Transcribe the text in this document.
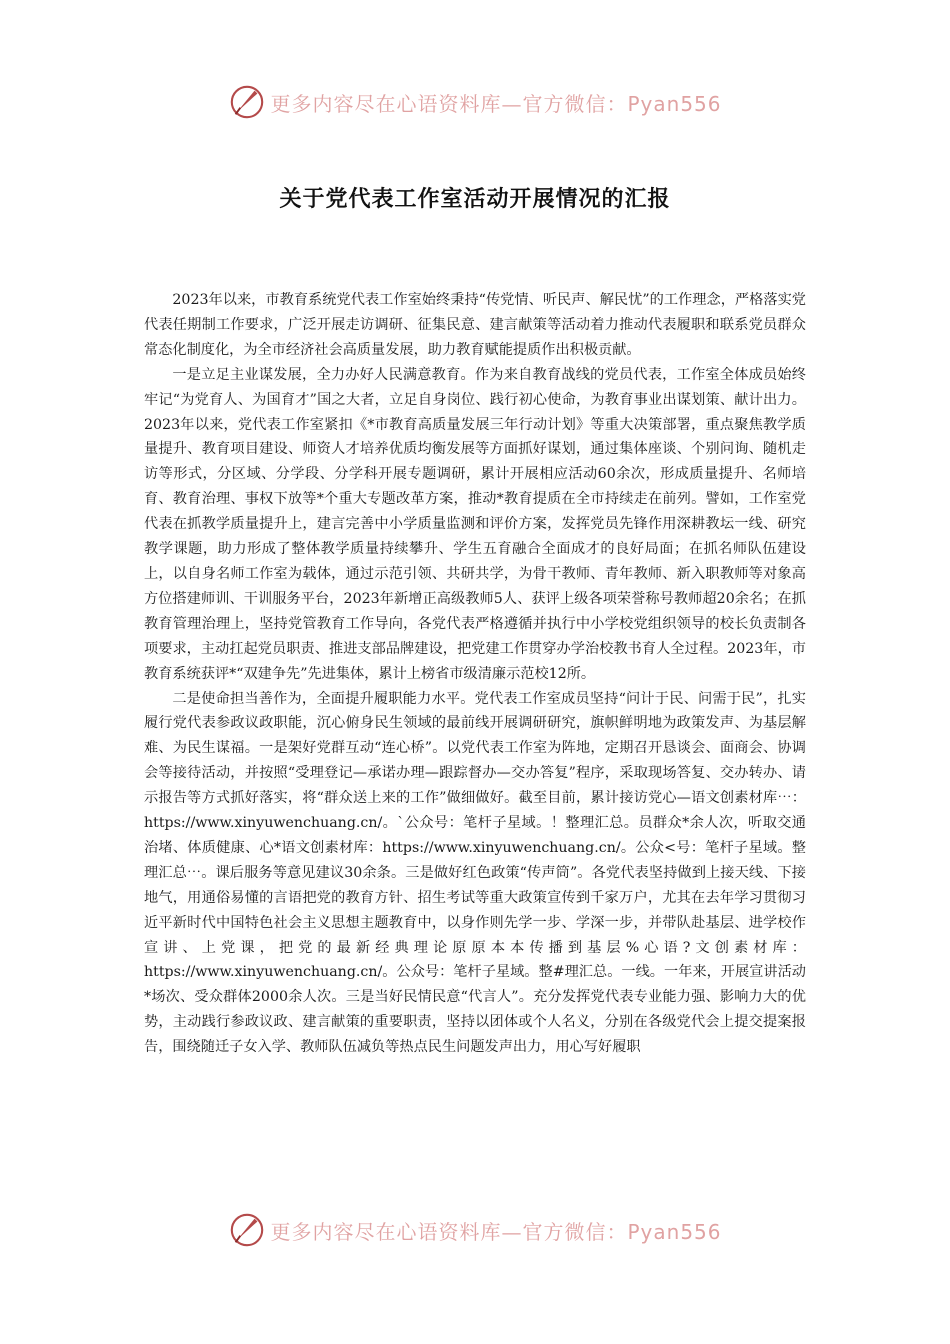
更多内容尽在心语资料库—官方微信：Pyan556
关于党代表工作室活动开展情况的汇报

2023年以来，市教育系统党代表工作室始终秉持“传党情、听民声、解民忧”的工作理念，严格落实党代表任期制工作要求，广泛开展走访调研、征集民意、建言献策等活动着力推动代表履职和联系党员群众常态化制度化，为全市经济社会高质量发展，助力教育赋能提质作出积极贡献。

一是立足主业谋发展，全力办好人民满意教育。作为来自教育战线的党员代表，工作室全体成员始终牢记“为党育人、为国育才”国之大者，立足自身岗位、践行初心使命，为教育事业出谋划策、献计出力。2023年以来，党代表工作室紧扣《*市教育高质量发展三年行动计划》等重大决策部署，重点聚焦教学质量提升、教育项目建设、师资人才培养优质均衡发展等方面抓好谋划，通过集体座谈、个别问询、随机走访等形式，分区域、分学段、分学科开展专题调研，累计开展相应活动60余次，形成质量提升、名师培育、教育治理、事权下放等*个重大专题改革方案，推动*教育提质在全市持续走在前列。譬如，工作室党代表在抓教学质量提升上，建言完善中小学质量监测和评价方案，发挥党员先锋作用深耕教坛一线、研究教学课题，助力形成了整体教学质量持续攀升、学生五育融合全面成才的良好局面；在抓名师队伍建设上，以自身名师工作室为载体，通过示范引领、共研共学，为骨干教师、青年教师、新入职教师等对象高方位搭建师训、干训服务平台，2023年新增正高级教师5人、获评上级各项荣誉称号教师超20余名；在抓教育管理治理上，坚持党管教育工作导向，各党代表严格遵循并执行中小学校党组织领导的校长负责制各项要求，主动扛起党员职责、推进支部品牌建设，把党建工作贯穿办学治校教书育人全过程。2023年，市教育系统获评*“双建争先”先进集体，累计上榜省市级清廉示范校12所。

二是使命担当善作为，全面提升履职能力水平。党代表工作室成员坚持“问计于民、问需于民”，扎实履行党代表参政议政职能，沉心俯身民生领域的最前线开展调研研究，旗帜鲜明地为政策发声、为基层解难、为民生谋福。一是架好党群互动“连心桥”。以党代表工作室为阵地，定期召开恳谈会、面商会、协调会等接待活动，并按照“受理登记—承诺办理—跟踪督办—交办答复”程序，采取现场答复、交办转办、请示报告等方式抓好落实，将“群众送上来的工作”做细做好。截至目前，累计接访党心—语文创素材库⋯：https://www.xinyuwenchuang.cn/。`公众号：笔杆子星域。！整理汇总。员群众*余人次，听取交通治堵、体质健康、心*语文创素材库：https://www.xinyuwenchuang.cn/。公众<号：笔杆子星域。整理汇总⋯。课后服务等意见建议30余条。三是做好红色政策“传声筒”。各党代表坚持做到上接天线、下接地气，用通俗易懂的言语把党的教育方针、招生考试等重大政策宣传到千家万户，尤其在去年学习贯彻习近平新时代中国特色社会主义思想主题教育中，以身作则先学一步、学深一步，并带队赴基层、进学校作宣讲、上党课，把党的最新经典理论原原本本传播到基层%心语?文创素材库：https://www.xinyuwenchuang.cn/。公众号：笔杆子星域。整#理汇总。一线。一年来，开展宣讲活动*场次、受众群体2000余人次。三是当好民情民意“代言人”。充分发挥党代表专业能力强、影响力大的优势，主动践行参政议政、建言献策的重要职责，坚持以团体或个人名义，分别在各级党代会上提交提案报告，围绕随迁子女入学、教师队伍减负等热点民生问题发声出力，用心写好履职

更多内容尽在心语资料库—官方微信：Pyan556
